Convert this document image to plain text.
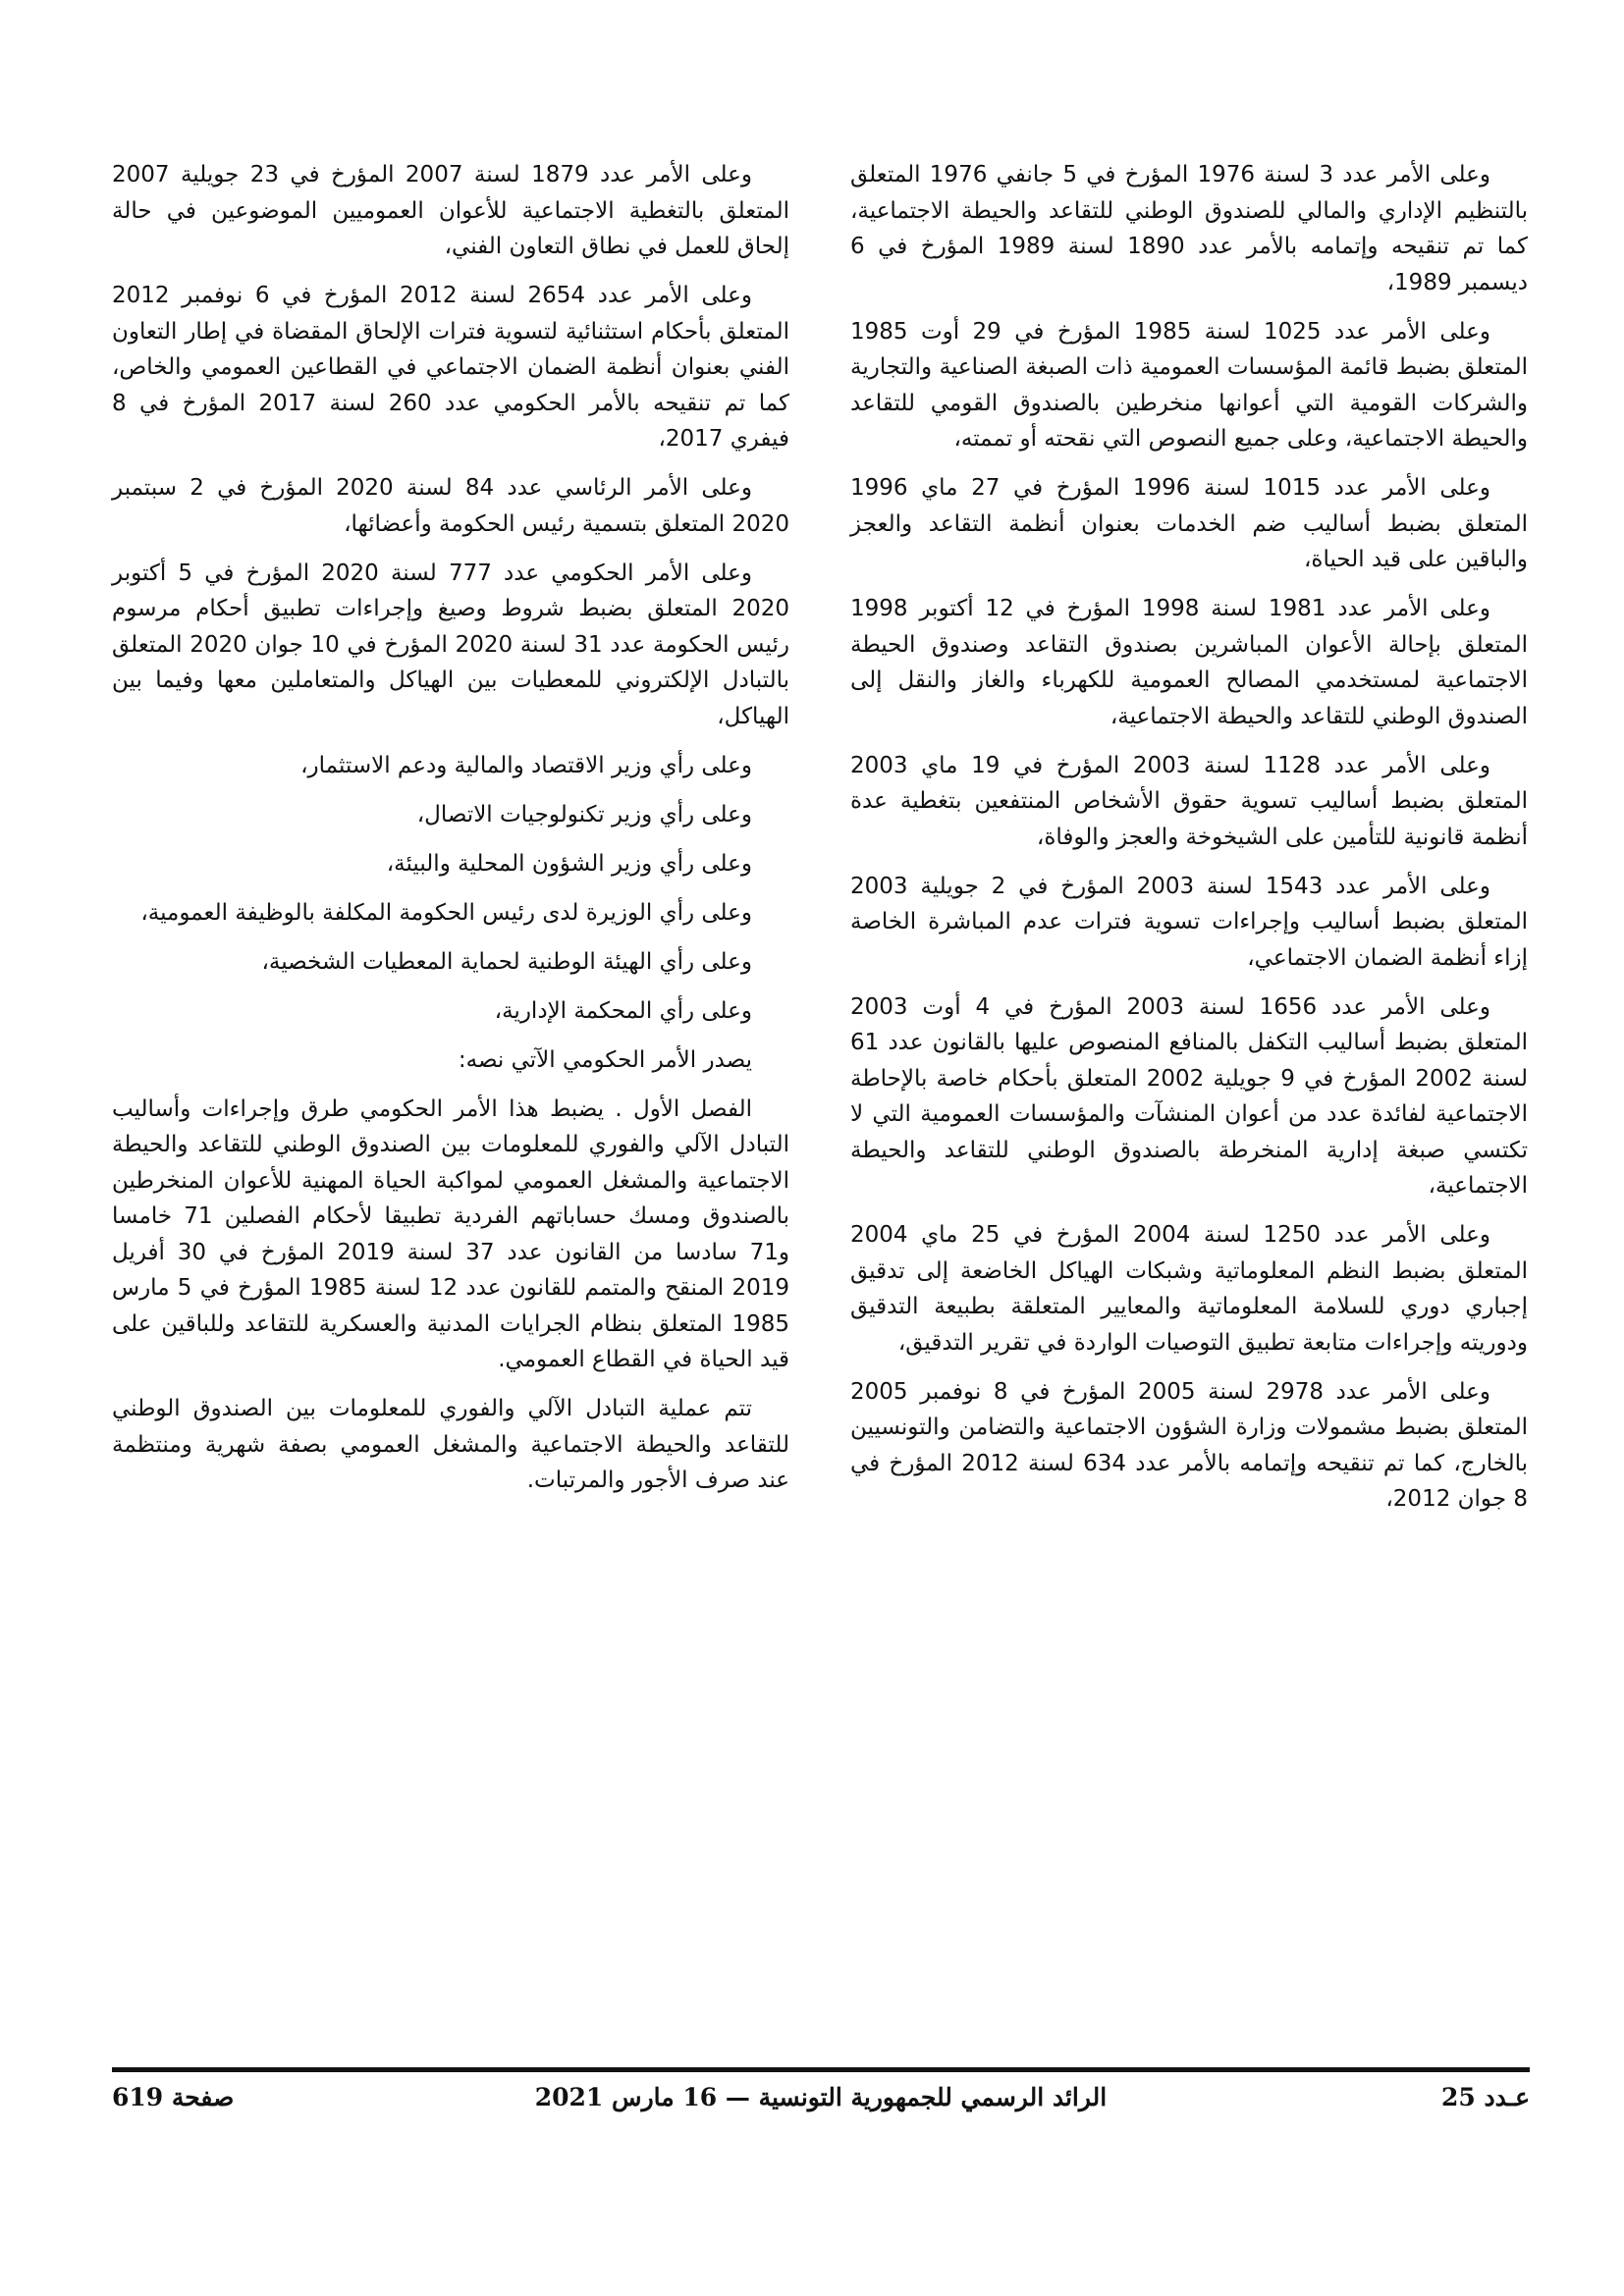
وعلى الأمر عدد 3 لسنة 1976 المؤرخ في 5 جانفي 1976 المتعلق بالتنظيم الإداري والمالي للصندوق الوطني للتقاعد والحيطة الاجتماعية، كما تم تنقيحه وإتمامه بالأمر عدد 1890 لسنة 1989 المؤرخ في 6 ديسمبر 1989،

وعلى الأمر عدد 1025 لسنة 1985 المؤرخ في 29 أوت 1985 المتعلق بضبط قائمة المؤسسات العمومية ذات الصبغة الصناعية والتجارية والشركات القومية التي أعوانها منخرطين بالصندوق القومي للتقاعد والحيطة الاجتماعية، وعلى جميع النصوص التي نقحته أو تممته،

وعلى الأمر عدد 1015 لسنة 1996 المؤرخ في 27 ماي 1996 المتعلق بضبط أساليب ضم الخدمات بعنوان أنظمة التقاعد والعجز والباقين على قيد الحياة،

وعلى الأمر عدد 1981 لسنة 1998 المؤرخ في 12 أكتوبر 1998 المتعلق بإحالة الأعوان المباشرين بصندوق التقاعد وصندوق الحيطة الاجتماعية لمستخدمي المصالح العمومية للكهرباء والغاز والنقل إلى الصندوق الوطني للتقاعد والحيطة الاجتماعية،

وعلى الأمر عدد 1128 لسنة 2003 المؤرخ في 19 ماي 2003 المتعلق بضبط أساليب تسوية حقوق الأشخاص المنتفعين بتغطية عدة أنظمة قانونية للتأمين على الشيخوخة والعجز والوفاة،

وعلى الأمر عدد 1543 لسنة 2003 المؤرخ في 2 جويلية 2003 المتعلق بضبط أساليب وإجراءات تسوية فترات عدم المباشرة الخاصة إزاء أنظمة الضمان الاجتماعي،

وعلى الأمر عدد 1656 لسنة 2003 المؤرخ في 4 أوت 2003 المتعلق بضبط أساليب التكفل بالمنافع المنصوص عليها بالقانون عدد 61 لسنة 2002 المؤرخ في 9 جويلية 2002 المتعلق بأحكام خاصة بالإحاطة الاجتماعية لفائدة عدد من أعوان المنشآت والمؤسسات العمومية التي لا تكتسي صبغة إدارية المنخرطة بالصندوق الوطني للتقاعد والحيطة الاجتماعية،

وعلى الأمر عدد 1250 لسنة 2004 المؤرخ في 25 ماي 2004 المتعلق بضبط النظم المعلوماتية وشبكات الهياكل الخاضعة إلى تدقيق إجباري دوري للسلامة المعلوماتية والمعايير المتعلقة بطبيعة التدقيق ودوريته وإجراءات متابعة تطبيق التوصيات الواردة في تقرير التدقيق،

وعلى الأمر عدد 2978 لسنة 2005 المؤرخ في 8 نوفمبر 2005 المتعلق بضبط مشمولات وزارة الشؤون الاجتماعية والتضامن والتونسيين بالخارج، كما تم تنقيحه وإتمامه بالأمر عدد 634 لسنة 2012 المؤرخ في 8 جوان 2012،

وعلى الأمر عدد 1879 لسنة 2007 المؤرخ في 23 جويلية 2007 المتعلق بالتغطية الاجتماعية للأعوان العموميين الموضوعين في حالة إلحاق للعمل في نطاق التعاون الفني،

وعلى الأمر عدد 2654 لسنة 2012 المؤرخ في 6 نوفمبر 2012 المتعلق بأحكام استثنائية لتسوية فترات الإلحاق المقضاة في إطار التعاون الفني بعنوان أنظمة الضمان الاجتماعي في القطاعين العمومي والخاص، كما تم تنقيحه بالأمر الحكومي عدد 260 لسنة 2017 المؤرخ في 8 فيفري 2017،

وعلى الأمر الرئاسي عدد 84 لسنة 2020 المؤرخ في 2 سبتمبر 2020 المتعلق بتسمية رئيس الحكومة وأعضائها،

وعلى الأمر الحكومي عدد 777 لسنة 2020 المؤرخ في 5 أكتوبر 2020 المتعلق بضبط شروط وصيغ وإجراءات تطبيق أحكام مرسوم رئيس الحكومة عدد 31 لسنة 2020 المؤرخ في 10 جوان 2020 المتعلق بالتبادل الإلكتروني للمعطيات بين الهياكل والمتعاملين معها وفيما بين الهياكل،

وعلى رأي وزير الاقتصاد والمالية ودعم الاستثمار،

وعلى رأي وزير تكنولوجيات الاتصال،

وعلى رأي وزير الشؤون المحلية والبيئة،

وعلى رأي الوزيرة لدى رئيس الحكومة المكلفة بالوظيفة العمومية،

وعلى رأي الهيئة الوطنية لحماية المعطيات الشخصية،

وعلى رأي المحكمة الإدارية،

يصدر الأمر الحكومي الآتي نصه:

الفصل الأول . يضبط هذا الأمر الحكومي طرق وإجراءات وأساليب التبادل الآلي والفوري للمعلومات بين الصندوق الوطني للتقاعد والحيطة الاجتماعية والمشغل العمومي لمواكبة الحياة المهنية للأعوان المنخرطين بالصندوق ومسك حساباتهم الفردية تطبيقا لأحكام الفصلين 71 خامسا و71 سادسا من القانون عدد 37 لسنة 2019 المؤرخ في 30 أفريل 2019 المنقح والمتمم للقانون عدد 12 لسنة 1985 المؤرخ في 5 مارس 1985 المتعلق بنظام الجرايات المدنية والعسكرية للتقاعد وللباقين على قيد الحياة في القطاع العمومي.

تتم عملية التبادل الآلي والفوري للمعلومات بين الصندوق الوطني للتقاعد والحيطة الاجتماعية والمشغل العمومي بصفة شهرية ومنتظمة عند صرف الأجور والمرتبات.

عـدد 25
الرائد الرسمي للجمهورية التونسية — 16 مارس 2021
صفحة 619
